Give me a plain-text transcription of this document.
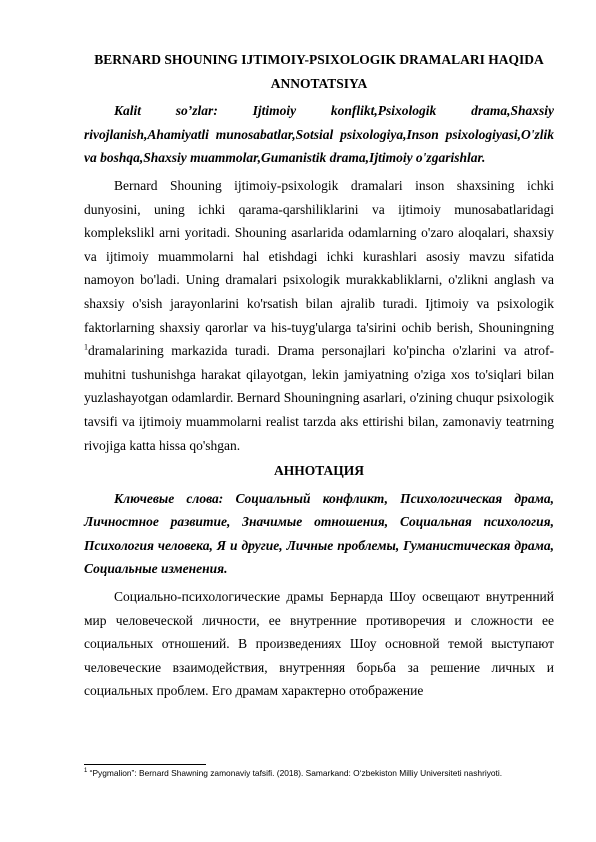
BERNARD SHOUNING IJTIMOIY-PSIXOLOGIK DRAMALARI HAQIDA

ANNOTATSIYA

Kalit so’zlar: Ijtimoiy konflikt,Psixologik drama,Shaxsiy rivojlanish,Ahamiyatli munosabatlar,Sotsial psixologiya,Inson psixologiyasi,O'zlik va boshqa,Shaxsiy muammolar,Gumanistik drama,Ijtimoiy o'zgarishlar.

Bernard Shouning ijtimoiy-psixologik dramalari inson shaxsining ichki dunyosini, uning ichki qarama-qarshiliklarini va ijtimoiy munosabatlaridagi komplekslikl arni yoritadi. Shouning asarlarida odamlarning o'zaro aloqalari, shaxsiy va ijtimoiy muammolarni hal etishdagi ichki kurashlari asosiy mavzu sifatida namoyon bo'ladi. Uning dramalari psixologik murakkabliklarni, o'zlikni anglash va shaxsiy o'sish jarayonlarini ko'rsatish bilan ajralib turadi. Ijtimoiy va psixologik faktorlarning shaxsiy qarorlar va his-tuyg'ularga ta'sirini ochib berish, Shouningning $^1$dramalarining markazida turadi. Drama personajlari ko'pincha o'zlarini va atrof-muhitni tushunishga harakat qilayotgan, lekin jamiyatning o'ziga xos to'siqlari bilan yuzlashayotgan odamlardir. Bernard Shouningning asarlari, o'zining chuqur psixologik tavsifi va ijtimoiy muammolarni realist tarzda aks ettirishi bilan, zamonaviy teatrning rivojiga katta hissa qo'shgan.

АННОТАЦИЯ

Ключевые слова: Социальный конфликт, Психологическая драма, Личностное развитие, Значимые отношения, Социальная психология, Психология человека, Я и другие, Личные проблемы, Гуманистическая драма, Социальные изменения.

Социально-психологические драмы Бернарда Шоу освещают внутренний мир человеческой личности, ее внутренние противоречия и сложности ее социальных отношений. В произведениях Шоу основной темой выступают человеческие взаимодействия, внутренняя борьба за решение личных и социальных проблем. Его драмам характерно отображение

$^1$ “Pygmalion”: Bernard Shawning zamonaviy tafsifi. (2018). Samarkand: O‘zbekiston Milliy Universiteti nashriyoti.
